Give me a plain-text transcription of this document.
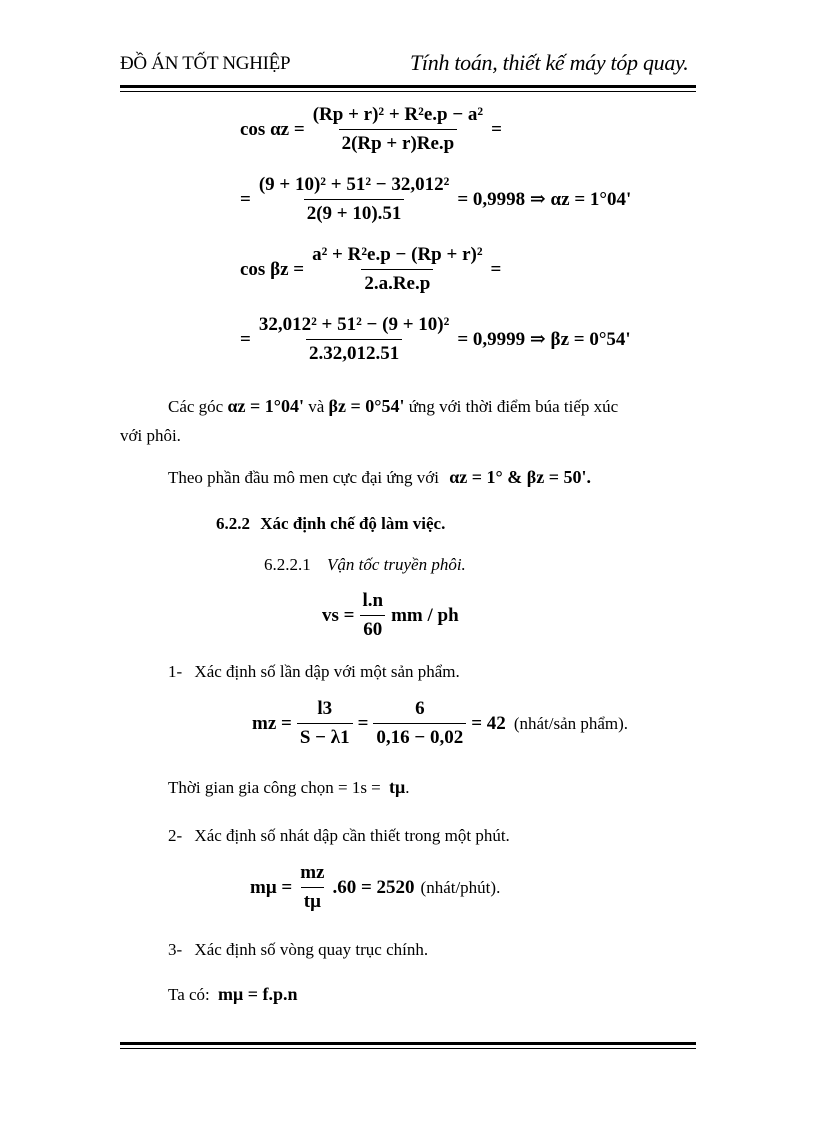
ĐỒ ÁN TỐT NGHIỆP	Tính toán, thiết kế máy tóp quay.
$\cos \alpha z = \frac{\text{(Rp + r)² + R²e.p − a²}}{2(Rp + r)Re.p}$ =
= $\frac{\text{(9 + 10)² + 51² − 32,012²}}{2(9 + 10).51} = 0,9998$ ⇒ αz = 1°04'
$\cos \beta z = \frac{\text{a² + R²e.p − (Rp + r)²}}{2.a.Re.p}$ =
= $\frac{\text{32,012² + 51² − (9 + 10)²}}{2.32,012.51} = 0,9999$ ⇒ βz = 0°54'
Các góc αz = 1°04' và βz = 0°54' ứng với thời điểm búa tiếp xúc
với phôi.
Theo phần đầu mô men cực đại ứng với αz = 1° & βz = 50'.
6.2.2 Xác định chế độ làm việc.
6.2.2.1 Vận tốc truyền phôi.
vs = $\frac{l.n}{60}$ mm / ph
1- Xác định số lần dập với một sản phẩm.
mz = $\frac{l3}{S - \lambda 1} = \frac{6}{0,16 - 0,02} = 42$ (nhát/sản phẩm).
Thời gian gia công chọn = 1s = tμ.
2- Xác định số nhát dập cần thiết trong một phút.
$m\mu = \frac{mz}{t\mu} .60 = 2520$ (nhát/phút).
3- Xác định số vòng quay trục chính.
Ta có: mμ = f.p.n
